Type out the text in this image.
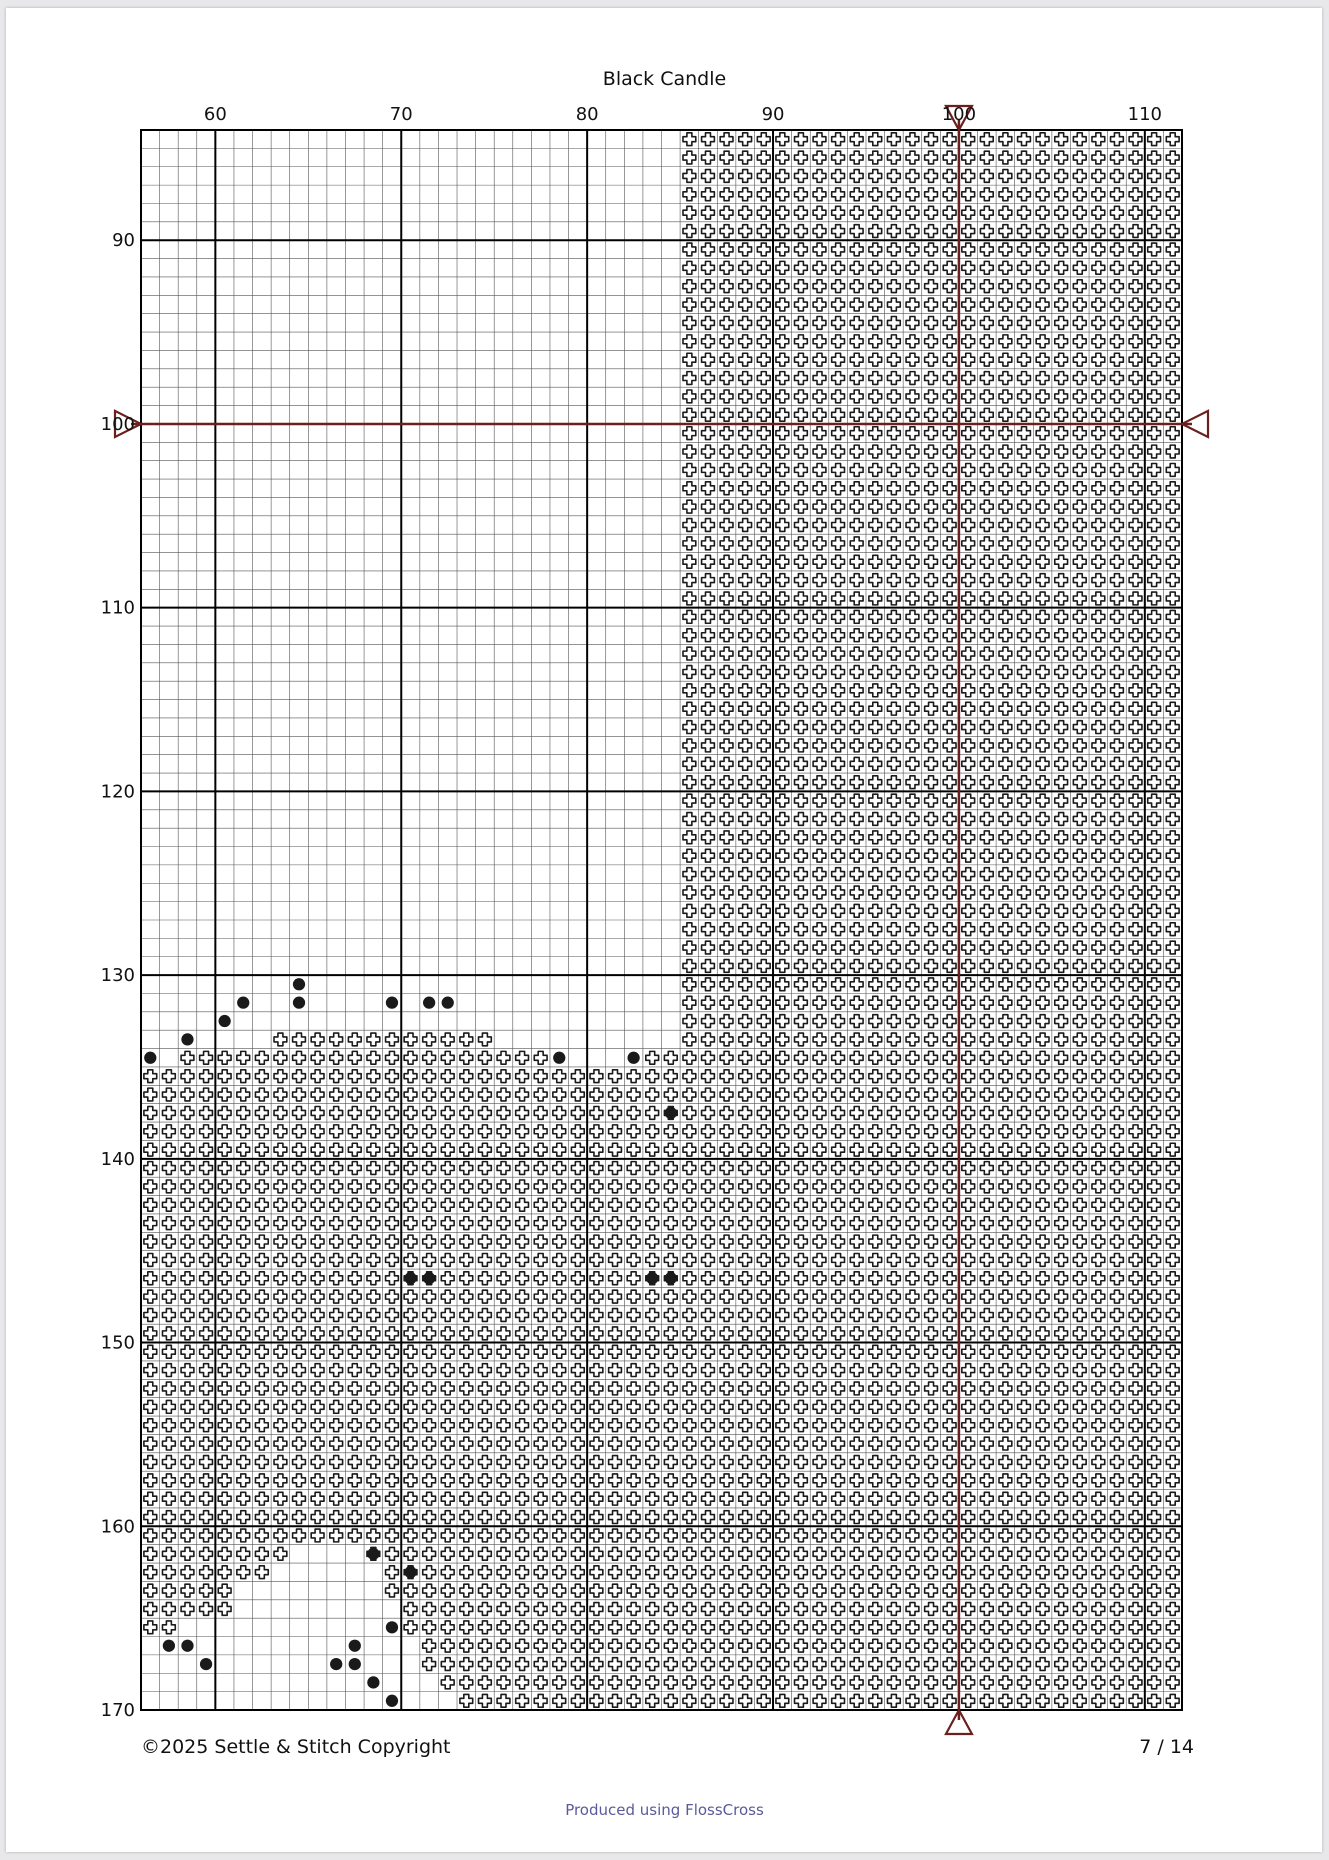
Black Candle
60	70	80	90	100	110
90
100
110
120
130
140
150
160
170
©2025 Settle & Stitch Copyright	7 / 14
Produced using FlossCross
